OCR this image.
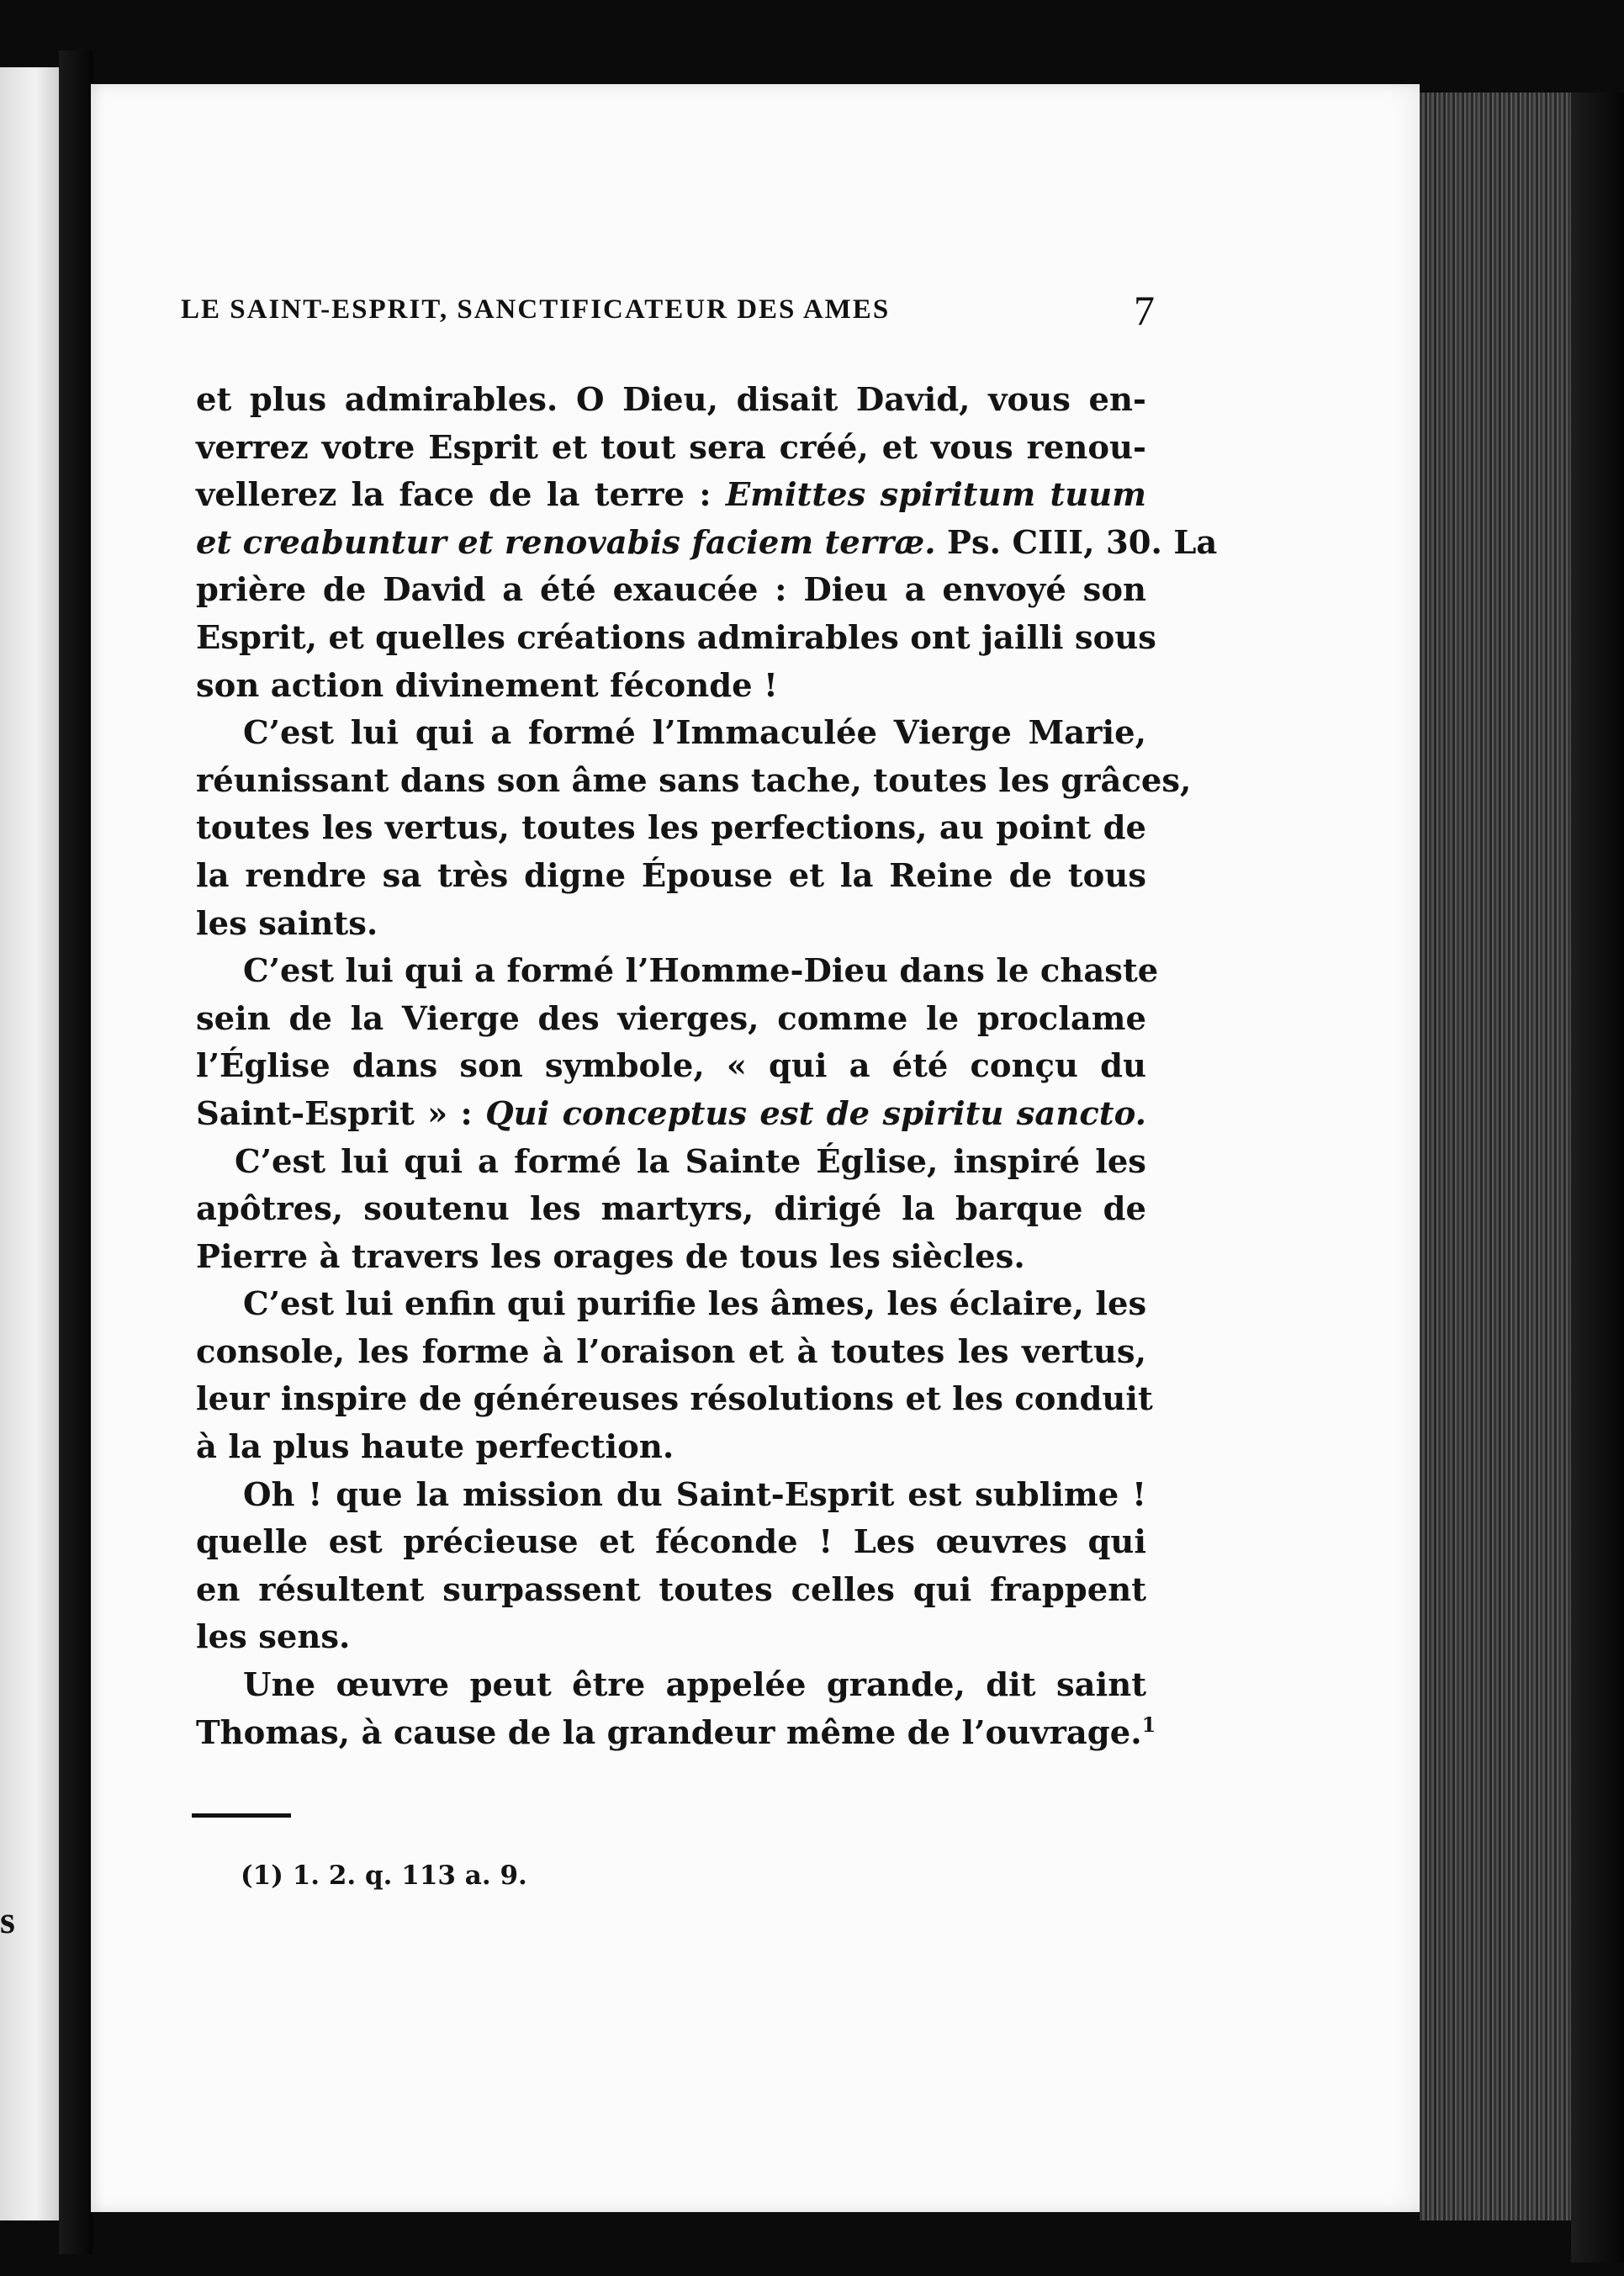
s
LE SAINT-ESPRIT, SANCTIFICATEUR DES AMES	7
et plus admirables. O Dieu, disait David, vous en-
verrez votre Esprit et tout sera créé, et vous renou-
vellerez la face de la terre : Emittes spiritum tuum
et creabuntur et renovabis faciem terræ. Ps. CIII, 30. La
prière de David a été exaucée : Dieu a envoyé son
Esprit, et quelles créations admirables ont jailli sous
son action divinement féconde !
C’est lui qui a formé l’Immaculée Vierge Marie,
réunissant dans son âme sans tache, toutes les grâces,
toutes les vertus, toutes les perfections, au point de
la rendre sa très digne Épouse et la Reine de tous
les saints.
C’est lui qui a formé l’Homme-Dieu dans le chaste
sein de la Vierge des vierges, comme le proclame
l’Église dans son symbole, « qui a été conçu du
Saint-Esprit » : Qui conceptus est de spiritu sancto.
C’est lui qui a formé la Sainte Église, inspiré les
apôtres, soutenu les martyrs, dirigé la barque de
Pierre à travers les orages de tous les siècles.
C’est lui enfin qui purifie les âmes, les éclaire, les
console, les forme à l’oraison et à toutes les vertus,
leur inspire de généreuses résolutions et les conduit
à la plus haute perfection.
Oh ! que la mission du Saint-Esprit est sublime !
quelle est précieuse et féconde ! Les œuvres qui
en résultent surpassent toutes celles qui frappent
les sens.
Une œuvre peut être appelée grande, dit saint
Thomas, à cause de la grandeur même de l’ouvrage.$^1$
(1) 1. 2. q. 113 a. 9.
